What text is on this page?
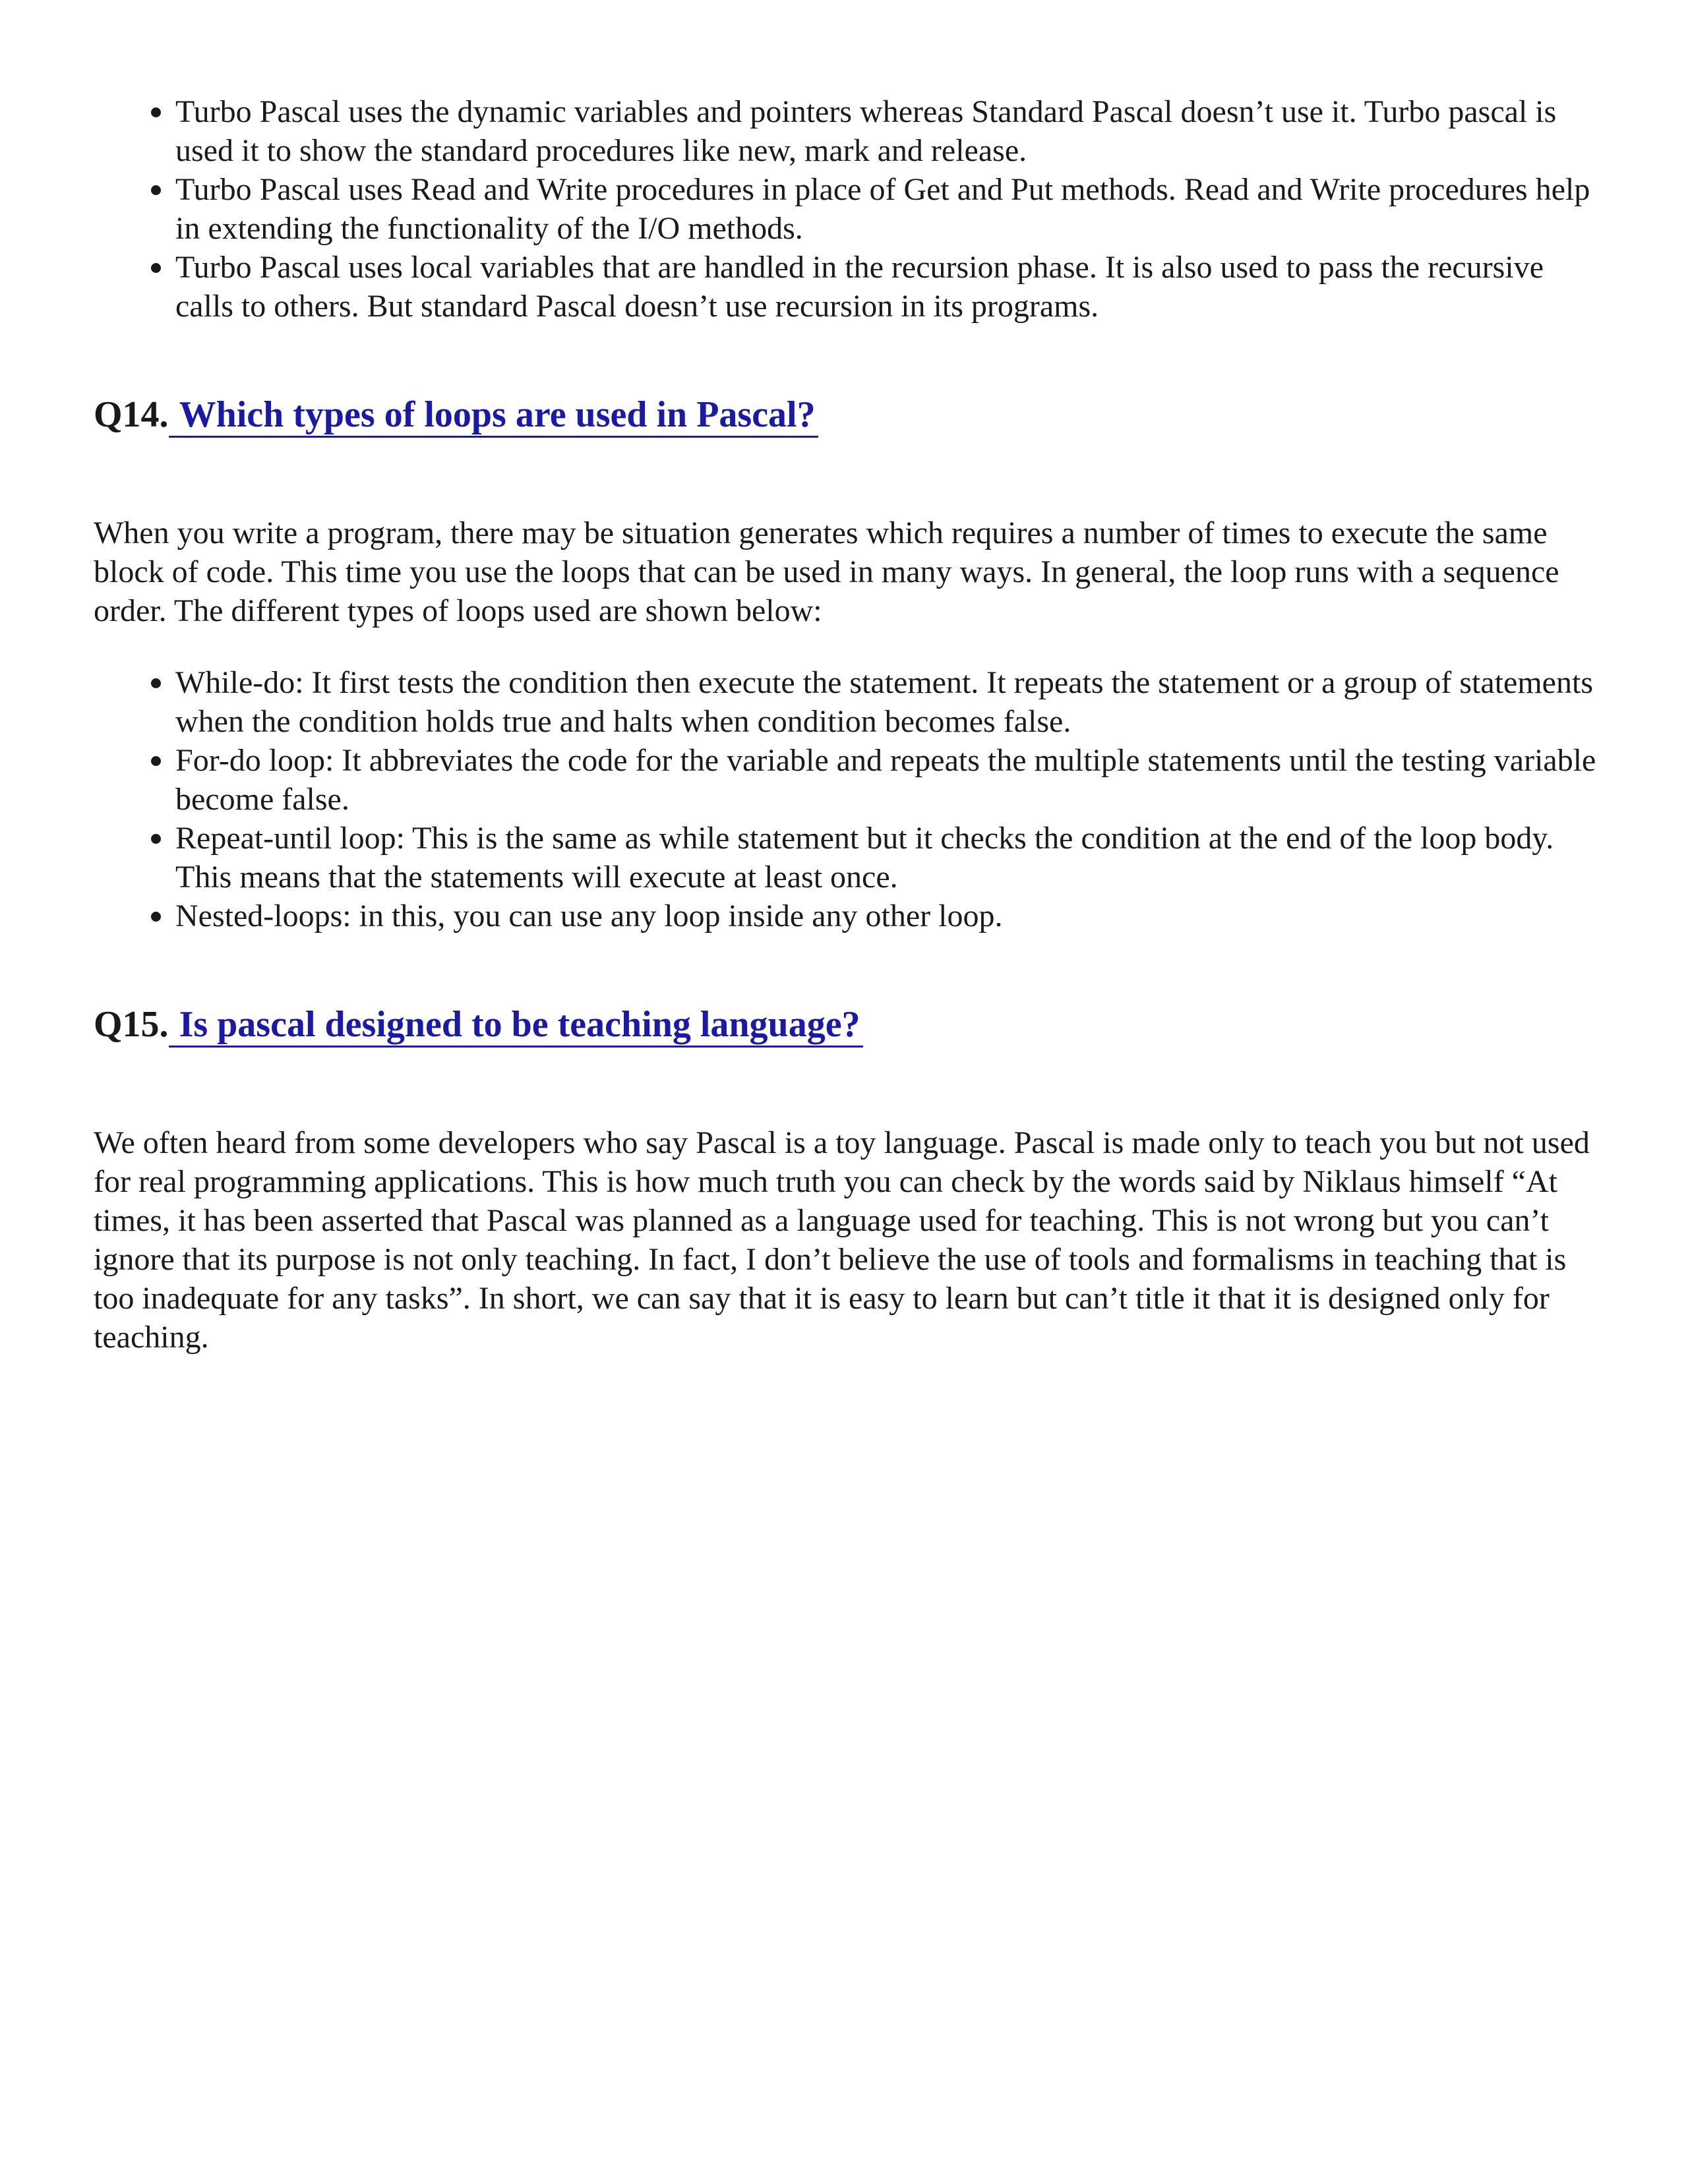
Turbo Pascal uses the dynamic variables and pointers whereas Standard Pascal doesn’t use it. Turbo pascal is used it to show the standard procedures like new, mark and release.
Turbo Pascal uses Read and Write procedures in place of Get and Put methods. Read and Write procedures help in extending the functionality of the I/O methods.
Turbo Pascal uses local variables that are handled in the recursion phase. It is also used to pass the recursive calls to others. But standard Pascal doesn’t use recursion in its programs.
Q14. Which types of loops are used in Pascal?

When you write a program, there may be situation generates which requires a number of times to execute the same block of code. This time you use the loops that can be used in many ways. In general, the loop runs with a sequence order. The different types of loops used are shown below:

While-do: It first tests the condition then execute the statement. It repeats the statement or a group of statements when the condition holds true and halts when condition becomes false.
For-do loop: It abbreviates the code for the variable and repeats the multiple statements until the testing variable become false.
Repeat-until loop: This is the same as while statement but it checks the condition at the end of the loop body. This means that the statements will execute at least once.
Nested-loops: in this, you can use any loop inside any other loop.
Q15. Is pascal designed to be teaching language?

We often heard from some developers who say Pascal is a toy language. Pascal is made only to teach you but not used for real programming applications. This is how much truth you can check by the words said by Niklaus himself “At times, it has been asserted that Pascal was planned as a language used for teaching. This is not wrong but you can’t ignore that its purpose is not only teaching. In fact, I don’t believe the use of tools and formalisms in teaching that is too inadequate for any tasks”. In short, we can say that it is easy to learn but can’t title it that it is designed only for teaching.
